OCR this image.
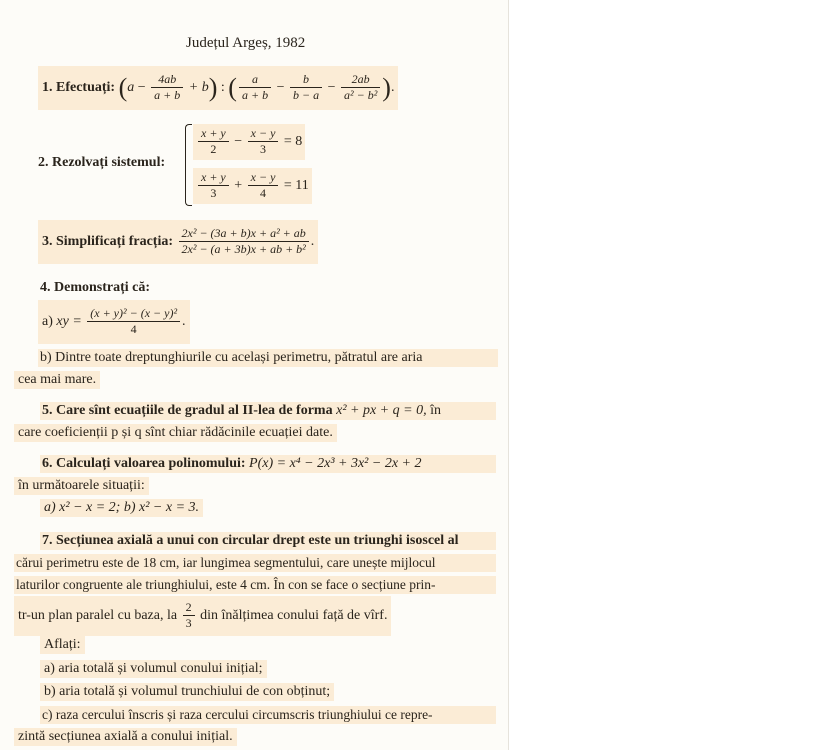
Județul Argeș, 1982
1. Efectuați: $(a - \frac{4ab}{a + b} + b)$ : ( $\frac{a}{a + b} - \frac{b}{b - a} - \frac{2ab}{\text{a² − b²}}$ ).
2. Rezolvați sistemul:
$\frac{x + y}{2} - \frac{x - y}{3} = 8$
$\frac{x + y}{3} + \frac{x - y}{4} = 11$
3. Simplificați fracția: $\frac{\text{2x² − (3a + b)x + a² + ab}}{\text{2x² − (a + 3b)x + ab + b²}}$ .
4. Demonstrați că:
a) xy = $\frac{\text{(x + y)² − (x − y)²}}{4}$ .
b) Dintre toate dreptunghiurile cu același perimetru, pătratul are aria
cea mai mare.
5. Care sînt ecuațiile de gradul al II-lea de forma x² + px + q = 0, în
care coeficienții p și q sînt chiar rădăcinile ecuației date.
6. Calculați valoarea polinomului: P(x) = x⁴ − 2x³ + 3x² − 2x + 2
în următoarele situații:
a) x² − x = 2; b) x² − x = 3.
7. Secțiunea axială a unui con circular drept este un triunghi isoscel al
cărui perimetru este de 18 cm, iar lungimea segmentului, care unește mijlocul
laturilor congruente ale triunghiului, este 4 cm. În con se face o secțiune prin-
tr-un plan paralel cu baza, la $\frac{2}{3}$ din înălțimea conului față de vîrf.
Aflați:
a) aria totală și volumul conului inițial;
b) aria totală și volumul trunchiului de con obținut;
c) raza cercului înscris și raza cercului circumscris triunghiului ce repre-
zintă secțiunea axială a conului inițial.
